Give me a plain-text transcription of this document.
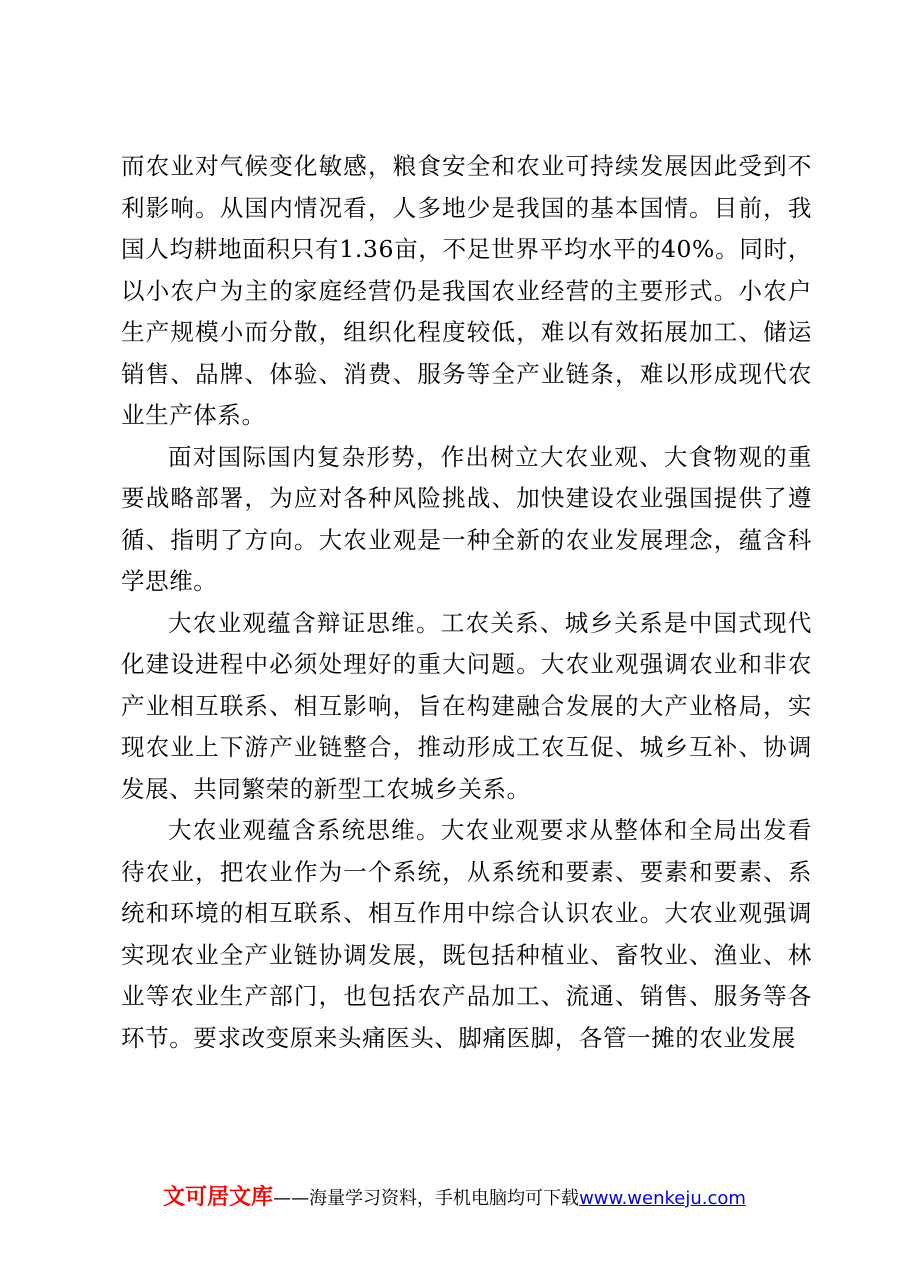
而农业对气候变化敏感，粮食安全和农业可持续发展因此受到不利影响。从国内情况看，人多地少是我国的基本国情。目前，我国人均耕地面积只有1.36亩，不足世界平均水平的40%。同时，以小农户为主的家庭经营仍是我国农业经营的主要形式。小农户生产规模小而分散，组织化程度较低，难以有效拓展加工、储运销售、品牌、体验、消费、服务等全产业链条，难以形成现代农业生产体系。

面对国际国内复杂形势，作出树立大农业观、大食物观的重要战略部署，为应对各种风险挑战、加快建设农业强国提供了遵循、指明了方向。大农业观是一种全新的农业发展理念，蕴含科学思维。

大农业观蕴含辩证思维。工农关系、城乡关系是中国式现代化建设进程中必须处理好的重大问题。大农业观强调农业和非农产业相互联系、相互影响，旨在构建融合发展的大产业格局，实现农业上下游产业链整合，推动形成工农互促、城乡互补、协调发展、共同繁荣的新型工农城乡关系。

大农业观蕴含系统思维。大农业观要求从整体和全局出发看待农业，把农业作为一个系统，从系统和要素、要素和要素、系统和环境的相互联系、相互作用中综合认识农业。大农业观强调实现农业全产业链协调发展，既包括种植业、畜牧业、渔业、林业等农业生产部门，也包括农产品加工、流通、销售、服务等各环节。要求改变原来头痛医头、脚痛医脚，各管一摊的农业发展

文可居文库——海量学习资料，手机电脑均可下载www.wenkeju.com
